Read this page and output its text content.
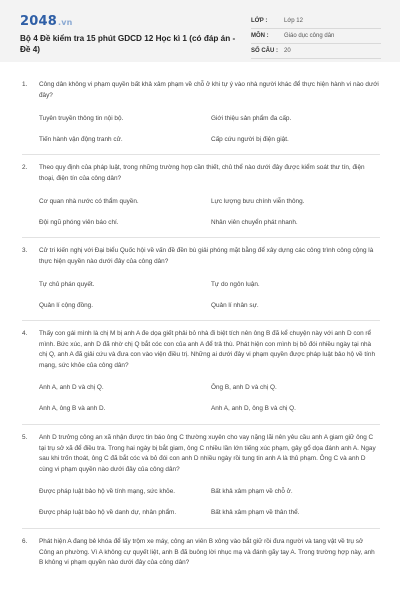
2048.vn
Bộ 4 Đề kiểm tra 15 phút GDCD 12 Học kì 1 (có đáp án - Đề 4)
LỚP :	Lớp 12
MÔN :	Giáo dục công dân
SỐ CÂU : 20
1. Công dân không vi phạm quyền bất khả xâm phạm về chỗ ở khi tự ý vào nhà người khác để thực hiện hành vi nào dưới đây?
Tuyên truyền thông tin nội bộ.	Giới thiệu sản phẩm đa cấp.
Tiến hành vận động tranh cử.	Cấp cứu người bị điện giật.
2. Theo quy định của pháp luật, trong những trường hợp cần thiết, chủ thể nào dưới đây được kiểm soát thư tín, điện thoại, điện tín của công dân?
Cơ quan nhà nước có thẩm quyền.	Lực lượng bưu chính viễn thông.
Đội ngũ phóng viên báo chí.	Nhân viên chuyển phát nhanh.
3. Cử tri kiến nghị với Đại biểu Quốc hội về vấn đề đền bù giải phóng mặt bằng để xây dựng các công trình công cộng là thực hiện quyền nào dưới đây của công dân?
Tự chủ phán quyết.	Tự do ngôn luận.
Quản lí cộng đồng.	Quản lí nhân sự.
4. Thấy con gái mình là chị M bị anh A đe dọa giết phải bỏ nhà đi biệt tích nên ông B đã kể chuyện này với anh D con rể mình. Bức xúc, anh D đã nhờ chị Q bắt cóc con của anh A để trả thù. Phát hiện con mình bị bỏ đói nhiều ngày tại nhà chị Q, anh A đã giải cứu và đưa con vào viện điều trị. Những ai dưới đây vi phạm quyền được pháp luật bảo hộ về tính mạng, sức khỏe của công dân?
Anh A, anh D và chị Q.	Ông B, anh D và chị Q.
Anh A, ông B và anh D.	Anh A, anh D, ông B và chị Q.
5. Anh D trưởng công an xã nhận được tin báo ông C thường xuyên cho vay nặng lãi nên yêu cầu anh A giam giữ ông C tại trụ sở xã để điều tra. Trong hai ngày bị bắt giam, ông C nhiều lần lớn tiếng xúc phạm, gây gổ dọa đánh anh A. Ngay sau khi trốn thoát, ông C đã bắt cóc và bỏ đói con anh D nhiều ngày rồi tung tin anh A là thủ phạm. Ông C và anh D cùng vi phạm quyền nào dưới đây của công dân?
Được pháp luật bảo hộ về tính mạng, sức khỏe.	Bất khả xâm phạm về chỗ ở.
Được pháp luật bảo hộ về danh dự, nhân phẩm.	Bất khả xâm phạm về thân thể.
6. Phát hiện A đang bẻ khóa để lấy trộm xe máy, công an viên B xông vào bắt giữ rồi đưa người và tang vật về trụ sở Công an phường. Vì A không cự quyết liệt, anh B đã buông lời nhục mạ và đánh gãy tay A. Trong trường hợp này, anh B không vi phạm quyền nào dưới đây của công dân?
